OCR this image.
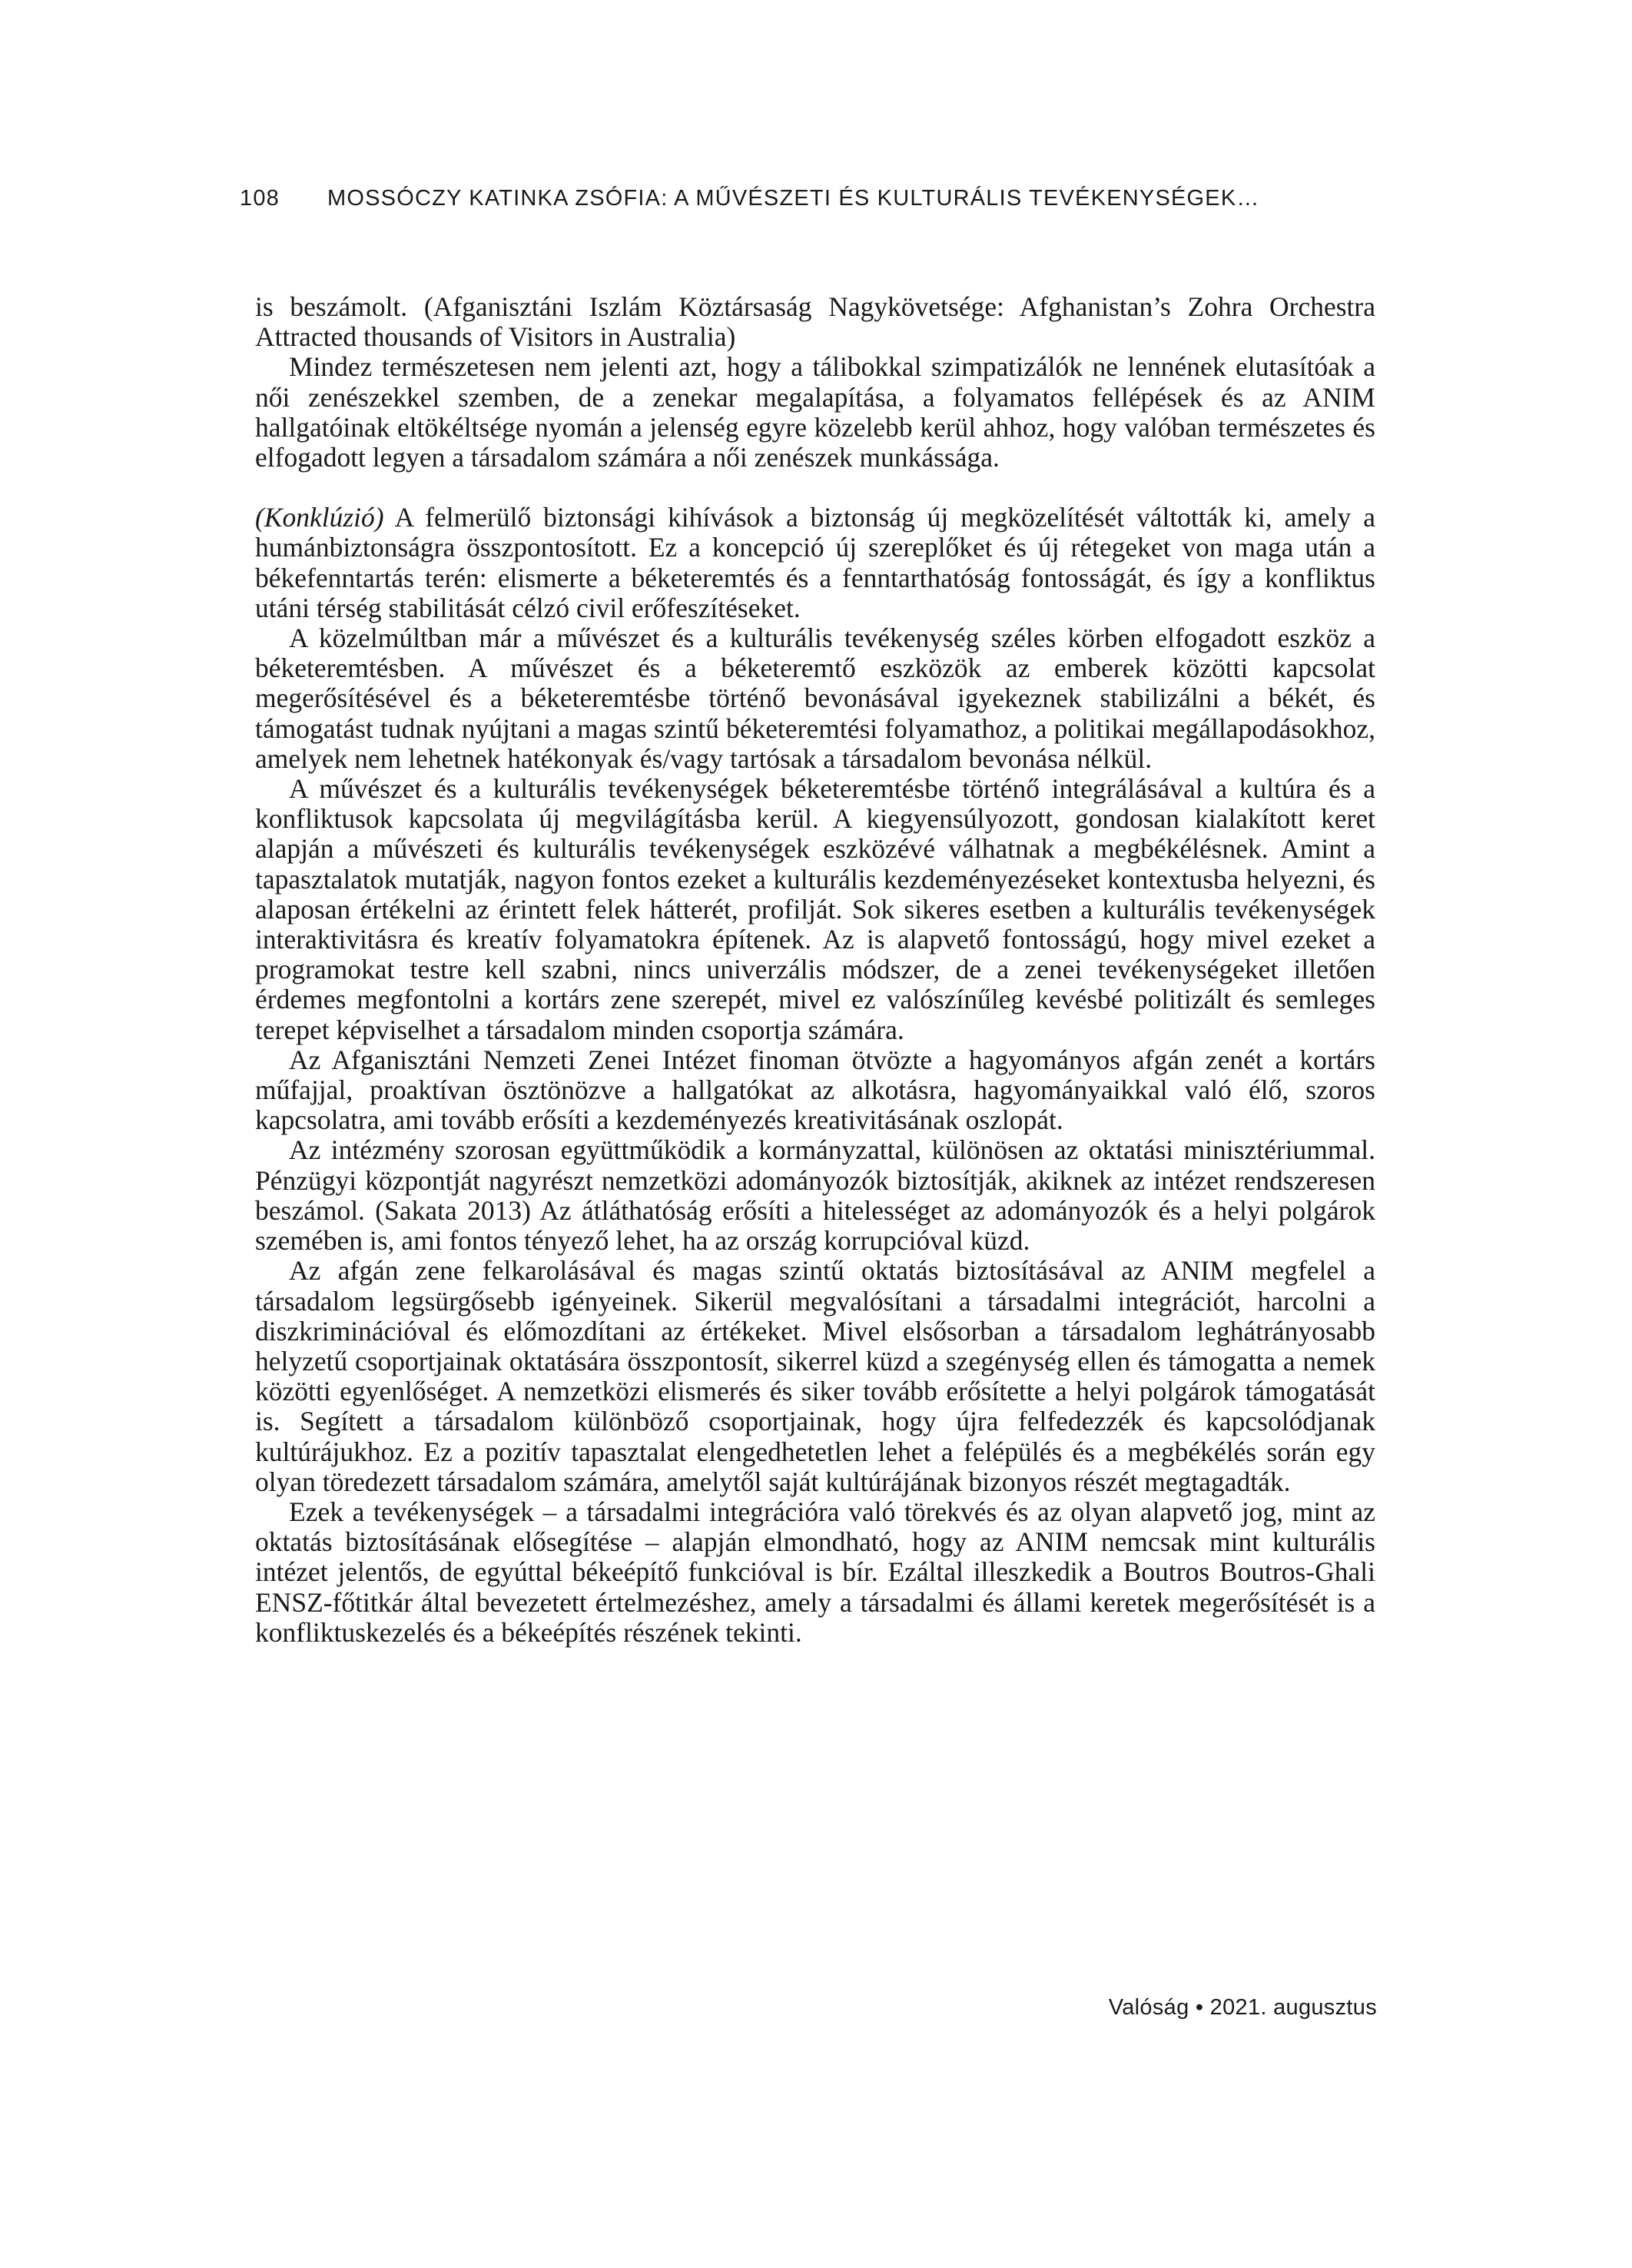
108 MOSSÓCZY KATINKA ZSÓFIA: A MŰVÉSZETI ÉS KULTURÁLIS TEVÉKENYSÉGEK…

is beszámolt. (Afganisztáni Iszlám Köztársaság Nagykövetsége: Afghanistan’s Zohra Orchestra Attracted thousands of Visitors in Australia)

Mindez természetesen nem jelenti azt, hogy a tálibokkal szimpatizálók ne lennének elutasítóak a női zenészekkel szemben, de a zenekar megalapítása, a folyamatos fellépések és az ANIM hallgatóinak eltökéltsége nyomán a jelenség egyre közelebb kerül ahhoz, hogy valóban természetes és elfogadott legyen a társadalom számára a női zenészek munkássága.

(Konklúzió) A felmerülő biztonsági kihívások a biztonság új megközelítését váltották ki, amely a humánbiztonságra összpontosított. Ez a koncepció új szereplőket és új rétegeket von maga után a békefenntartás terén: elismerte a béketeremtés és a fenntarthatóság fontosságát, és így a konfliktus utáni térség stabilitását célzó civil erőfeszítéseket.

A közelmúltban már a művészet és a kulturális tevékenység széles körben elfogadott eszköz a béketeremtésben. A művészet és a béketeremtő eszközök az emberek közötti kapcsolat megerősítésével és a béketeremtésbe történő bevonásával igyekeznek stabilizálni a békét, és támogatást tudnak nyújtani a magas szintű béketeremtési folyamathoz, a politikai megállapodásokhoz, amelyek nem lehetnek hatékonyak és/vagy tartósak a társadalom bevonása nélkül.

A művészet és a kulturális tevékenységek béketeremtésbe történő integrálásával a kultúra és a konfliktusok kapcsolata új megvilágításba kerül. A kiegyensúlyozott, gondosan kialakított keret alapján a művészeti és kulturális tevékenységek eszközévé válhatnak a megbékélésnek. Amint a tapasztalatok mutatják, nagyon fontos ezeket a kulturális kezdeményezéseket kontextusba helyezni, és alaposan értékelni az érintett felek hátterét, profilját. Sok sikeres esetben a kulturális tevékenységek interaktivitásra és kreatív folyamatokra építenek. Az is alapvető fontosságú, hogy mivel ezeket a programokat testre kell szabni, nincs univerzális módszer, de a zenei tevékenységeket illetően érdemes megfontolni a kortárs zene szerepét, mivel ez valószínűleg kevésbé politizált és semleges terepet képviselhet a társadalom minden csoportja számára.

Az Afganisztáni Nemzeti Zenei Intézet finoman ötvözte a hagyományos afgán zenét a kortárs műfajjal, proaktívan ösztönözve a hallgatókat az alkotásra, hagyományaikkal való élő, szoros kapcsolatra, ami tovább erősíti a kezdeményezés kreativitásának oszlopát.

Az intézmény szorosan együttműködik a kormányzattal, különösen az oktatási minisztériummal. Pénzügyi központját nagyrészt nemzetközi adományozók biztosítják, akiknek az intézet rendszeresen beszámol. (Sakata 2013) Az átláthatóság erősíti a hitelességet az adományozók és a helyi polgárok szemében is, ami fontos tényező lehet, ha az ország korrupcióval küzd.

Az afgán zene felkarolásával és magas szintű oktatás biztosításával az ANIM megfelel a társadalom legsürgősebb igényeinek. Sikerül megvalósítani a társadalmi integrációt, harcolni a diszkriminációval és előmozdítani az értékeket. Mivel elsősorban a társadalom leghátrányosabb helyzetű csoportjainak oktatására összpontosít, sikerrel küzd a szegénység ellen és támogatta a nemek közötti egyenlőséget. A nemzetközi elismerés és siker tovább erősítette a helyi polgárok támogatását is. Segített a társadalom különböző csoportjainak, hogy újra felfedezzék és kapcsolódjanak kultúrájukhoz. Ez a pozitív tapasztalat elengedhetetlen lehet a felépülés és a megbékélés során egy olyan töredezett társadalom számára, amelytől saját kultúrájának bizonyos részét megtagadták.

Ezek a tevékenységek – a társadalmi integrációra való törekvés és az olyan alapvető jog, mint az oktatás biztosításának elősegítése – alapján elmondható, hogy az ANIM nemcsak mint kulturális intézet jelentős, de egyúttal békeépítő funkcióval is bír. Ezáltal illeszkedik a Boutros Boutros-Ghali ENSZ-főtitkár által bevezetett értelmezéshez, amely a társadalmi és állami keretek megerősítését is a konfliktuskezelés és a békeépítés részének tekinti.

Valóság • 2021. augusztus
